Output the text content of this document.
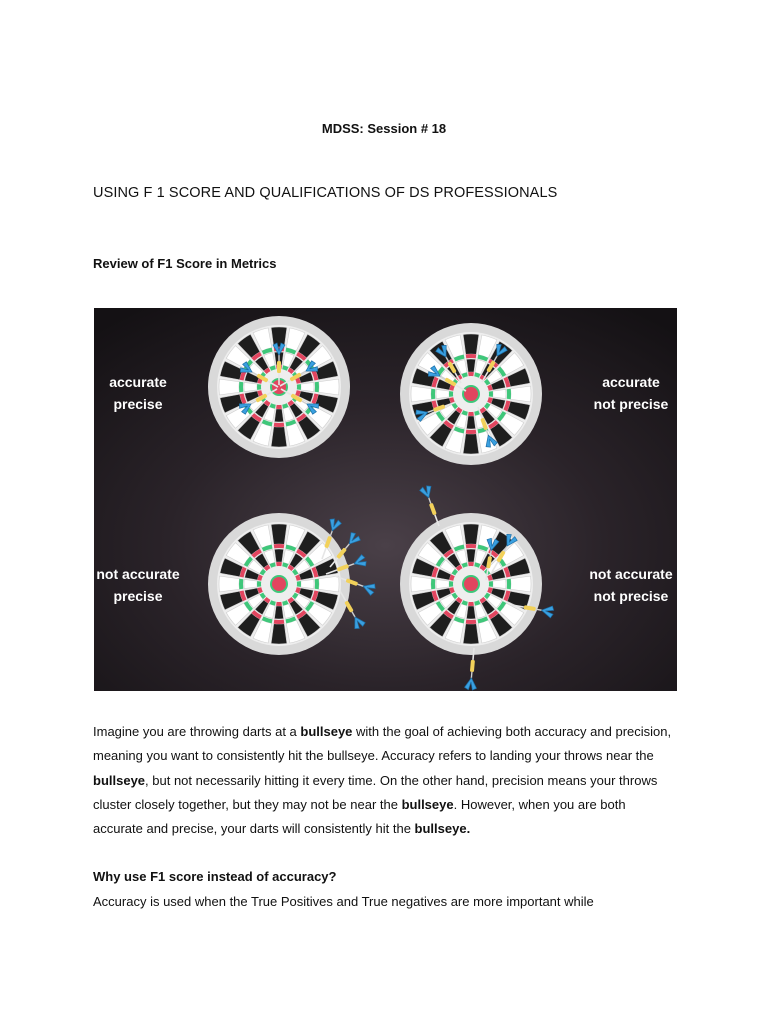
MDSS: Session # 18
USING F 1 SCORE AND QUALIFICATIONS OF DS PROFESSIONALS
Review of F1 Score in Metrics
accurate
precise
accurate
not precise
not accurate
precise
not accurate
not precise
Imagine you are throwing darts at a bullseye with the goal of achieving both accuracy and precision,
meaning you want to consistently hit the bullseye. Accuracy refers to landing your throws near the
bullseye, but not necessarily hitting it every time. On the other hand, precision means your throws
cluster closely together, but they may not be near the bullseye. However, when you are both
accurate and precise, your darts will consistently hit the bullseye.
Why use F1 score instead of accuracy?
Accuracy is used when the True Positives and True negatives are more important while
